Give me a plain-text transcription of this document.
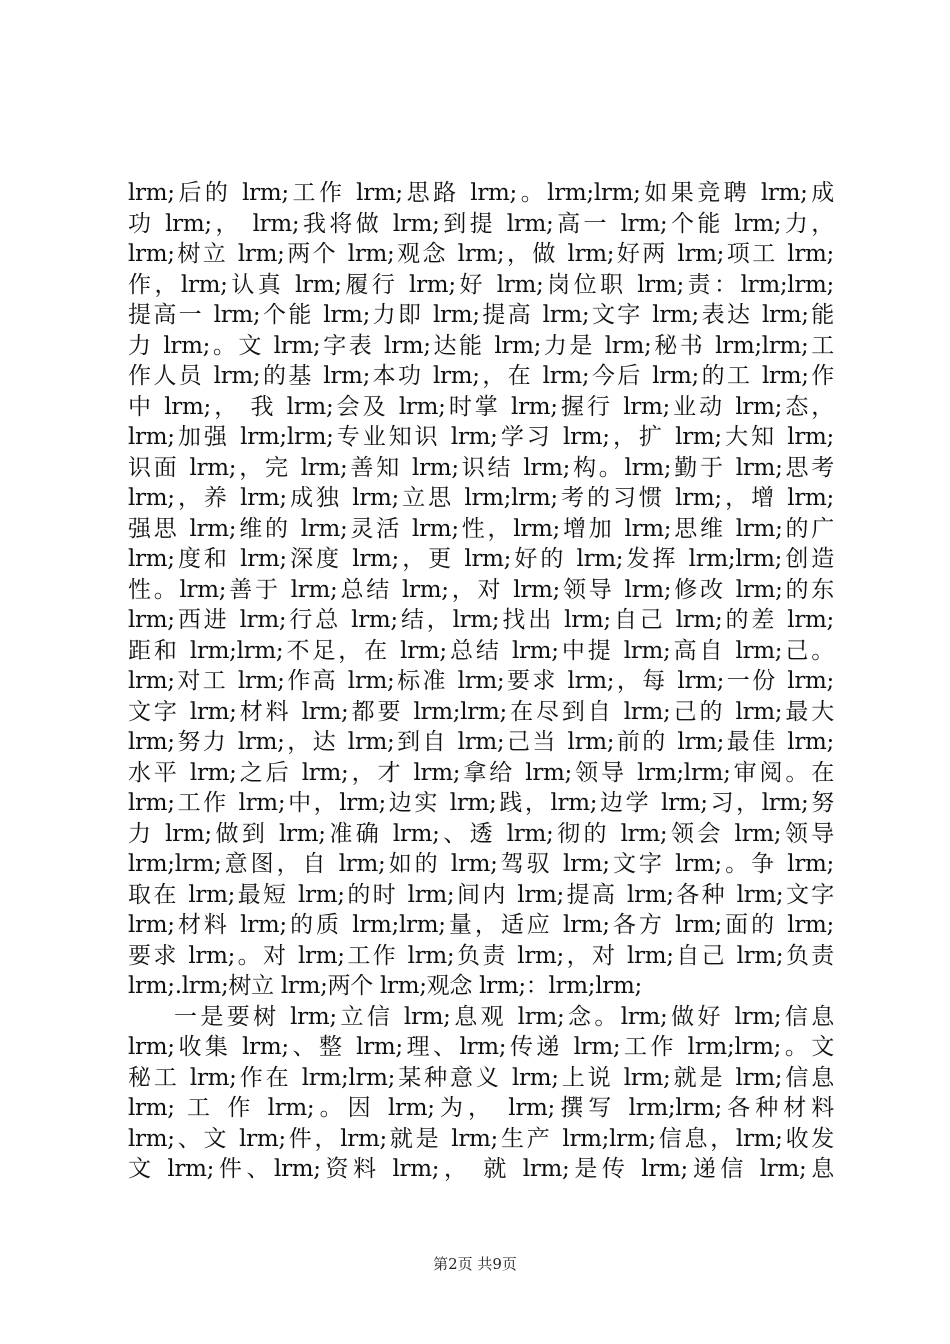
lrm;后的 lrm;工作 lrm;思路 lrm;。lrm;lrm;如果竞聘 lrm;成
功 lrm;， lrm;我将做 lrm;到提 lrm;高一 lrm;个能 lrm;力，
lrm;树立 lrm;两个 lrm;观念 lrm;，做 lrm;好两 lrm;项工 lrm;
作，lrm;认真 lrm;履行 lrm;好 lrm;岗位职 lrm;责：lrm;lrm;
提高一 lrm;个能 lrm;力即 lrm;提高 lrm;文字 lrm;表达 lrm;能
力 lrm;。文 lrm;字表 lrm;达能 lrm;力是 lrm;秘书 lrm;lrm;工
作人员 lrm;的基 lrm;本功 lrm;，在 lrm;今后 lrm;的工 lrm;作
中 lrm;， 我 lrm;会及 lrm;时掌 lrm;握行 lrm;业动 lrm;态，
lrm;加强 lrm;lrm;专业知识 lrm;学习 lrm;，扩 lrm;大知 lrm;
识面 lrm;，完 lrm;善知 lrm;识结 lrm;构。lrm;勤于 lrm;思考
lrm;，养 lrm;成独 lrm;立思 lrm;lrm;考的习惯 lrm;，增 lrm;
强思 lrm;维的 lrm;灵活 lrm;性，lrm;增加 lrm;思维 lrm;的广
lrm;度和 lrm;深度 lrm;，更 lrm;好的 lrm;发挥 lrm;lrm;创造
性。lrm;善于 lrm;总结 lrm;，对 lrm;领导 lrm;修改 lrm;的东
lrm;西进 lrm;行总 lrm;结，lrm;找出 lrm;自己 lrm;的差 lrm;
距和 lrm;lrm;不足，在 lrm;总结 lrm;中提 lrm;高自 lrm;己。
lrm;对工 lrm;作高 lrm;标准 lrm;要求 lrm;，每 lrm;一份 lrm;
文字 lrm;材料 lrm;都要 lrm;lrm;在尽到自 lrm;己的 lrm;最大
lrm;努力 lrm;，达 lrm;到自 lrm;己当 lrm;前的 lrm;最佳 lrm;
水平 lrm;之后 lrm;，才 lrm;拿给 lrm;领导 lrm;lrm;审阅。在
lrm;工作 lrm;中，lrm;边实 lrm;践，lrm;边学 lrm;习，lrm;努
力 lrm;做到 lrm;准确 lrm;、透 lrm;彻的 lrm;领会 lrm;领导
lrm;lrm;意图，自 lrm;如的 lrm;驾驭 lrm;文字 lrm;。争 lrm;
取在 lrm;最短 lrm;的时 lrm;间内 lrm;提高 lrm;各种 lrm;文字
lrm;材料 lrm;的质 lrm;lrm;量，适应 lrm;各方 lrm;面的 lrm;
要求 lrm;。对 lrm;工作 lrm;负责 lrm;，对 lrm;自己 lrm;负责
lrm;.lrm;树立 lrm;两个 lrm;观念 lrm;：lrm;lrm;
一是要树 lrm;立信 lrm;息观 lrm;念。lrm;做好 lrm;信息
lrm;收集 lrm;、整 lrm;理、lrm;传递 lrm;工作 lrm;lrm;。文
秘工 lrm;作在 lrm;lrm;某种意义 lrm;上说 lrm;就是 lrm;信息
lrm; 工 作 lrm;。因 lrm;为， lrm;撰写 lrm;lrm;各种材料
lrm;、文 lrm;件，lrm;就是 lrm;生产 lrm;lrm;信息，lrm;收发
文 lrm;件、lrm;资料 lrm;， 就 lrm;是传 lrm;递信 lrm;息
第2页 共9页
